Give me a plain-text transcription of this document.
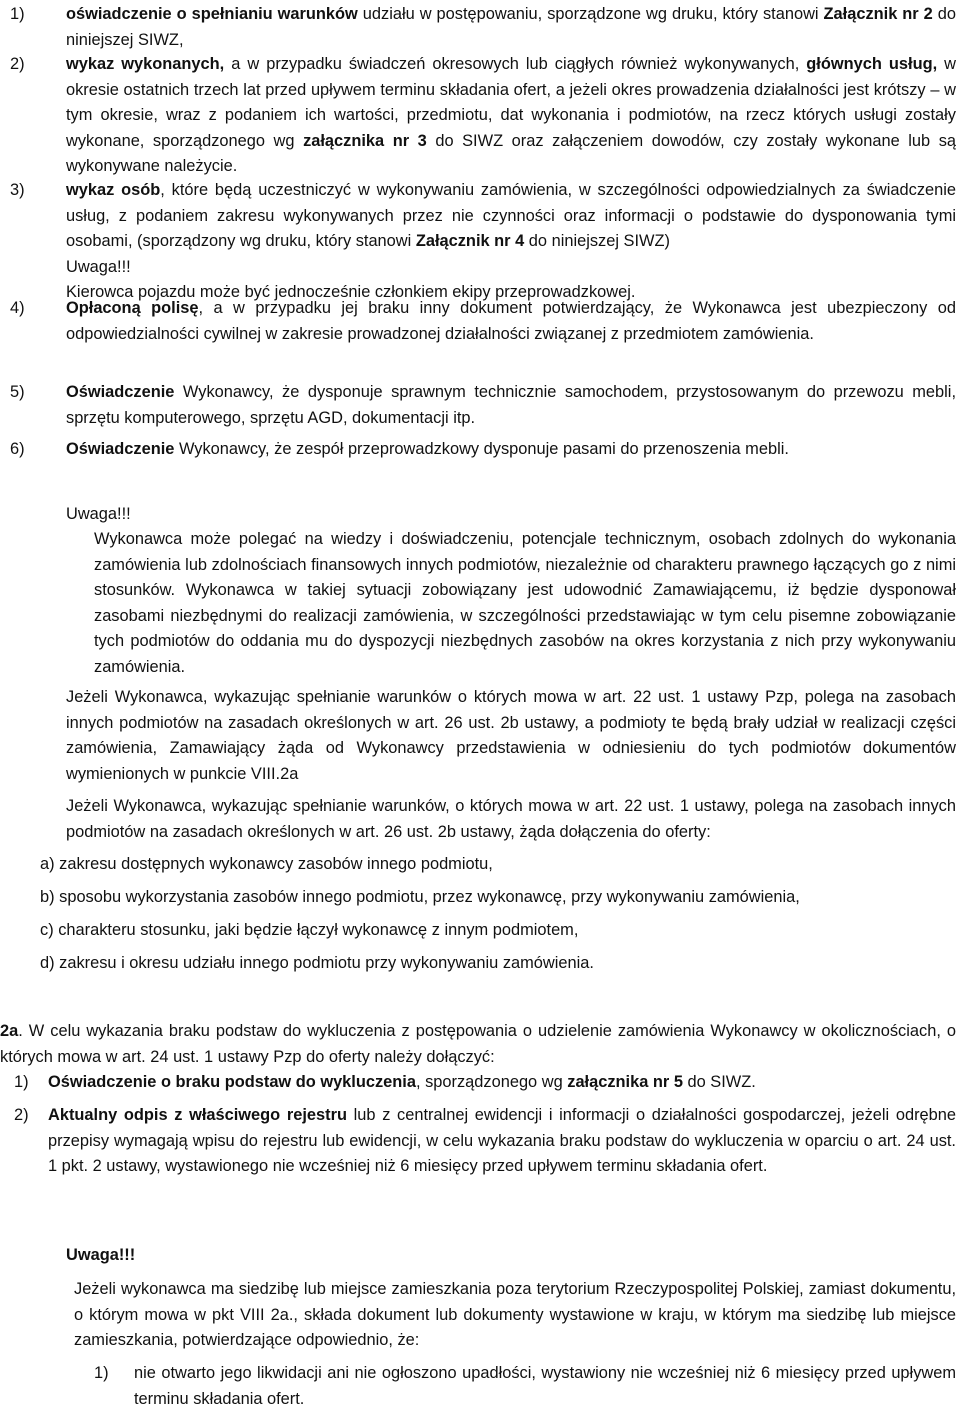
1)	oświadczenie o spełnianiu warunków udziału w postępowaniu, sporządzone wg druku, który stanowi Załącznik nr 2 do niniejszej SIWZ,
2)	wykaz wykonanych, a w przypadku świadczeń okresowych lub ciągłych również wykonywanych, głównych usług, w okresie ostatnich trzech lat przed upływem terminu składania ofert, a jeżeli okres prowadzenia działalności jest krótszy – w tym okresie, wraz z podaniem ich wartości, przedmiotu, dat wykonania i podmiotów, na rzecz których usługi zostały wykonane, sporządzonego wg załącznika nr 3 do SIWZ oraz załączeniem dowodów, czy zostały wykonane lub są wykonywane należycie.
3)	wykaz osób, które będą uczestniczyć w wykonywaniu zamówienia, w szczególności odpowiedzialnych za świadczenie usług, z podaniem zakresu wykonywanych przez nie czynności oraz informacji o podstawie do dysponowania tymi osobami, (sporządzony wg druku, który stanowi Załącznik nr 4 do niniejszej SIWZ)
Uwaga!!!
Kierowca pojazdu może być jednocześnie członkiem ekipy przeprowadzkowej.
4)	Opłaconą polisę, a w przypadku jej braku inny dokument potwierdzający, że Wykonawca jest ubezpieczony od odpowiedzialności cywilnej w zakresie prowadzonej działalności związanej z przedmiotem zamówienia.
5)	Oświadczenie Wykonawcy, że dysponuje sprawnym technicznie samochodem, przystosowanym do przewozu mebli, sprzętu komputerowego, sprzętu AGD, dokumentacji itp.
6)	Oświadczenie Wykonawcy, że zespół przeprowadzkowy dysponuje pasami do przenoszenia mebli.
Uwaga!!!
Wykonawca może polegać na wiedzy i doświadczeniu, potencjale technicznym, osobach zdolnych do wykonania zamówienia lub zdolnościach finansowych innych podmiotów, niezależnie od charakteru prawnego łączących go z nimi stosunków. Wykonawca w takiej sytuacji zobowiązany jest udowodnić Zamawiającemu, iż będzie dysponował zasobami niezbędnymi do realizacji zamówienia, w szczególności przedstawiając w tym celu pisemne zobowiązanie tych podmiotów do oddania mu do dyspozycji niezbędnych zasobów na okres korzystania z nich przy wykonywaniu zamówienia.
Jeżeli Wykonawca, wykazując spełnianie warunków o których mowa w art. 22 ust. 1 ustawy Pzp, polega na zasobach innych podmiotów na zasadach określonych w art. 26 ust. 2b ustawy, a podmioty te będą brały udział w realizacji części zamówienia, Zamawiający żąda od Wykonawcy przedstawienia w odniesieniu do tych podmiotów dokumentów wymienionych w punkcie VIII.2a
Jeżeli Wykonawca, wykazując spełnianie warunków, o których mowa w art. 22 ust. 1 ustawy, polega na zasobach innych podmiotów na zasadach określonych w art. 26 ust. 2b ustawy, żąda dołączenia do oferty:
a) zakresu dostępnych wykonawcy zasobów innego podmiotu,
b) sposobu wykorzystania zasobów innego podmiotu, przez wykonawcę, przy wykonywaniu zamówienia,
c) charakteru stosunku, jaki będzie łączył wykonawcę z innym podmiotem,
d) zakresu i okresu udziału innego podmiotu przy wykonywaniu zamówienia.
2a. W celu wykazania braku podstaw do wykluczenia z postępowania o udzielenie zamówienia Wykonawcy w okolicznościach, o których mowa w art. 24 ust. 1 ustawy Pzp do oferty należy dołączyć:
1) Oświadczenie o braku podstaw do wykluczenia, sporządzonego wg załącznika nr 5 do SIWZ.
2) Aktualny odpis z właściwego rejestru lub z centralnej ewidencji i informacji o działalności gospodarczej, jeżeli odrębne przepisy wymagają wpisu do rejestru lub ewidencji, w celu wykazania braku podstaw do wykluczenia w oparciu o art. 24 ust. 1 pkt. 2 ustawy, wystawionego nie wcześniej niż 6 miesięcy przed upływem terminu składania ofert.
Uwaga!!!
Jeżeli wykonawca ma siedzibę lub miejsce zamieszkania poza terytorium Rzeczypospolitej Polskiej, zamiast dokumentu, o którym mowa w pkt VIII 2a., składa dokument lub dokumenty wystawione w kraju, w którym ma siedzibę lub miejsce zamieszkania, potwierdzające odpowiednio, że:
1) nie otwarto jego likwidacji ani nie ogłoszono upadłości, wystawiony nie wcześniej niż 6 miesięcy przed upływem terminu składania ofert.
